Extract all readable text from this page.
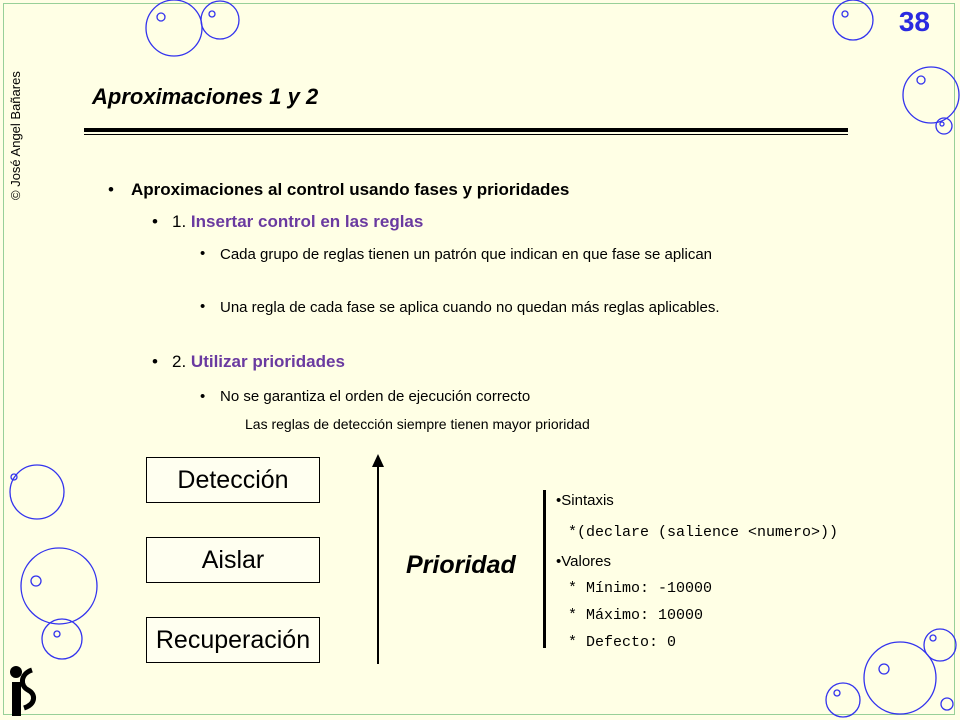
38
© José Angel Bañares	Aproximaciones 1 y 2
• Aproximaciones al control usando fases y prioridades
• 1. Insertar control en las reglas
• Cada grupo de reglas tienen un patrón que indican en que fase se aplican
• Una regla de cada fase se aplica cuando no quedan más reglas aplicables.
• 2. Utilizar prioridades
• No se garantiza el orden de ejecución correcto
Las reglas de detección siempre tienen mayor prioridad
Detección
Aislar
Recuperación
Prioridad
•Sintaxis
*(declare (salience <numero>))
•Valores
* Mínimo: -10000
* Máximo: 10000
* Defecto: 0
